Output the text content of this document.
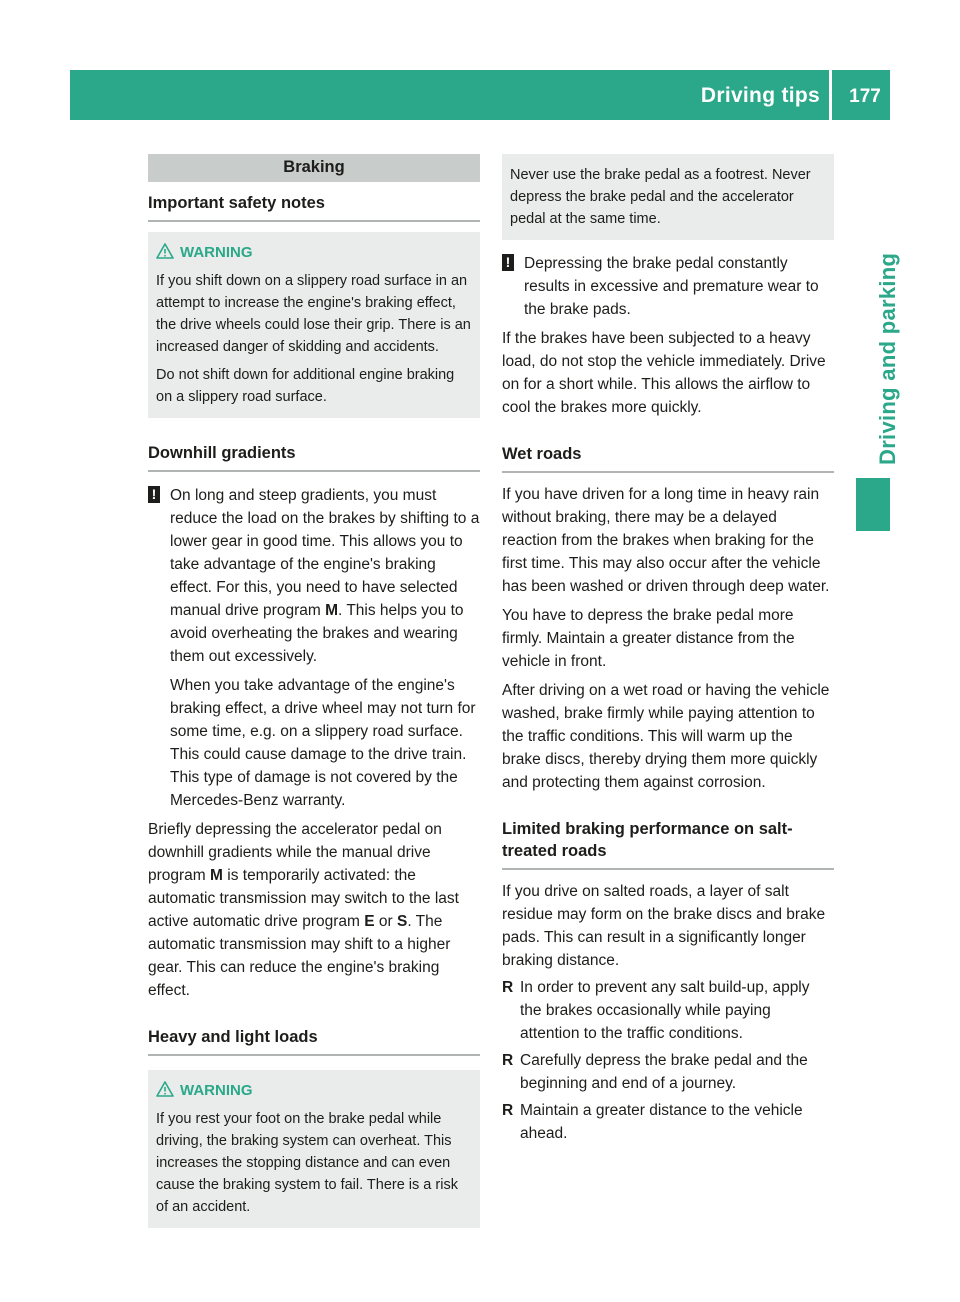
Driving tips	177
Driving and parking
Braking
Important safety notes
WARNING
If you shift down on a slippery road surface in an attempt to increase the engine's braking effect, the drive wheels could lose their grip. There is an increased danger of skidding and accidents.
Do not shift down for additional engine braking on a slippery road surface.
Downhill gradients
! On long and steep gradients, you must reduce the load on the brakes by shifting to a lower gear in good time. This allows you to take advantage of the engine's braking effect. For this, you need to have selected manual drive program M. This helps you to avoid overheating the brakes and wearing them out excessively.
When you take advantage of the engine's braking effect, a drive wheel may not turn for some time, e.g. on a slippery road surface. This could cause damage to the drive train. This type of damage is not covered by the Mercedes-Benz warranty.
Briefly depressing the accelerator pedal on downhill gradients while the manual drive program M is temporarily activated: the automatic transmission may switch to the last active automatic drive program E or S. The automatic transmission may shift to a higher gear. This can reduce the engine's braking effect.
Heavy and light loads
WARNING
If you rest your foot on the brake pedal while driving, the braking system can overheat. This increases the stopping distance and can even cause the braking system to fail. There is a risk of an accident.
Never use the brake pedal as a footrest. Never depress the brake pedal and the accelerator pedal at the same time.
! Depressing the brake pedal constantly results in excessive and premature wear to the brake pads.
If the brakes have been subjected to a heavy load, do not stop the vehicle immediately. Drive on for a short while. This allows the airflow to cool the brakes more quickly.
Wet roads
If you have driven for a long time in heavy rain without braking, there may be a delayed reaction from the brakes when braking for the first time. This may also occur after the vehicle has been washed or driven through deep water.
You have to depress the brake pedal more firmly. Maintain a greater distance from the vehicle in front.
After driving on a wet road or having the vehicle washed, brake firmly while paying attention to the traffic conditions. This will warm up the brake discs, thereby drying them more quickly and protecting them against corrosion.
Limited braking performance on salt-treated roads
If you drive on salted roads, a layer of salt residue may form on the brake discs and brake pads. This can result in a significantly longer braking distance.
R In order to prevent any salt build-up, apply the brakes occasionally while paying attention to the traffic conditions.
R Carefully depress the brake pedal and the beginning and end of a journey.
R Maintain a greater distance to the vehicle ahead.
